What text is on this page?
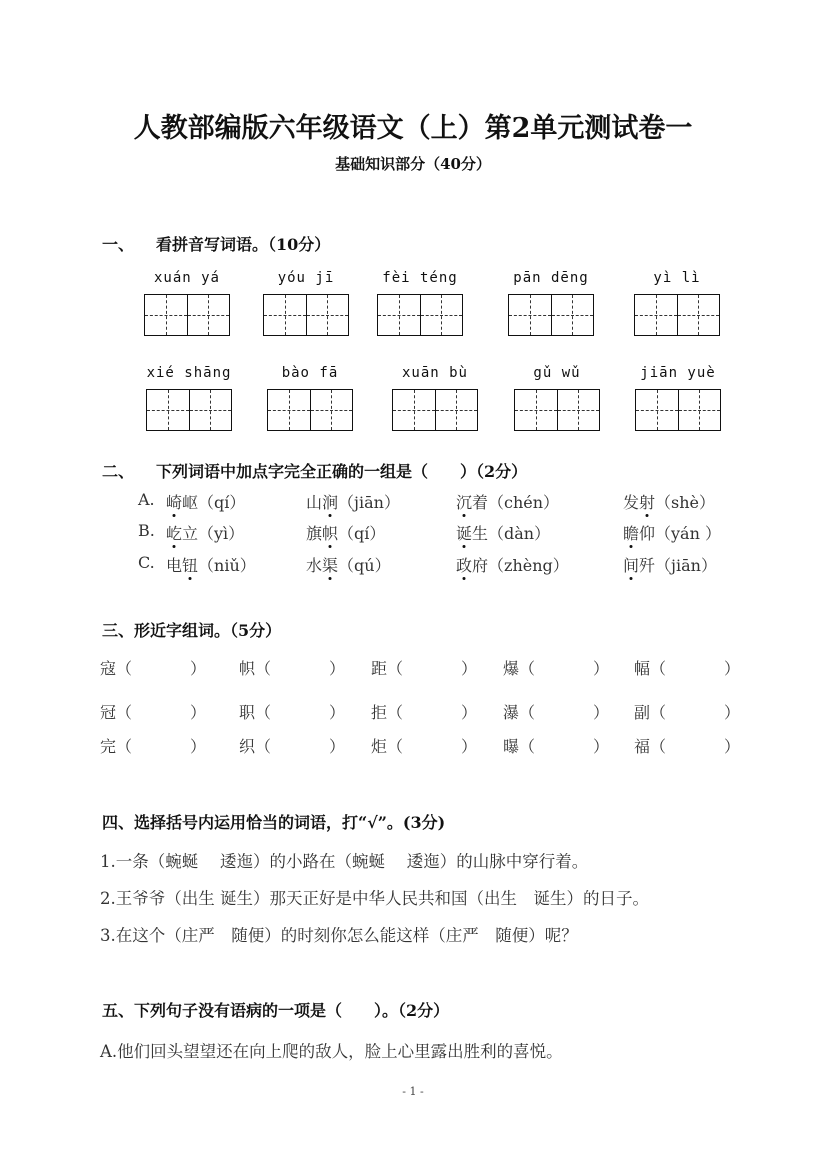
人教部编版六年级语文（上）第2单元测试卷一
基础知识部分（40分）
一、 看拼音写词语。（10分）
xuán yá	yóu jī	fèi téng	pān dēng	yì lì
xié shāng	bào fā	xuān bù	gǔ wǔ	jiān yuè
二、 下列词语中加点字完全正确的一组是（　　）（2分）
A. 崎岖（qí）	山涧（jiān）	沉着（chén）	发射（shè）
B. 屹立（yì）	旗帜（qí）	诞生（dàn）	瞻仰（yán ）
C. 电钮（niǔ）	水渠（qú）	政府（zhèng）	间歼（jiān）
三、形近字组词。（5分）
寇（	） 帜（	） 距（	） 爆（	） 幅（	）
冠（	） 职（	） 拒（	） 瀑（	） 副（	）
完（	） 织（	） 炬（	） 曝（	） 福（	）
四、选择括号内运用恰当的词语，打“√”。(3分)
1.一条（蜿蜒　 逶迤）的小路在（蜿蜒　 逶迤）的山脉中穿行着。
2.王爷爷（出生 诞生）那天正好是中华人民共和国（出生　诞生）的日子。
3.在这个（庄严　随便）的时刻你怎么能这样（庄严　随便）呢？
五、下列句子没有语病的一项是（　　）。（2分）
A.他们回头望望还在向上爬的敌人，脸上心里露出胜利的喜悦。
- 1 -
